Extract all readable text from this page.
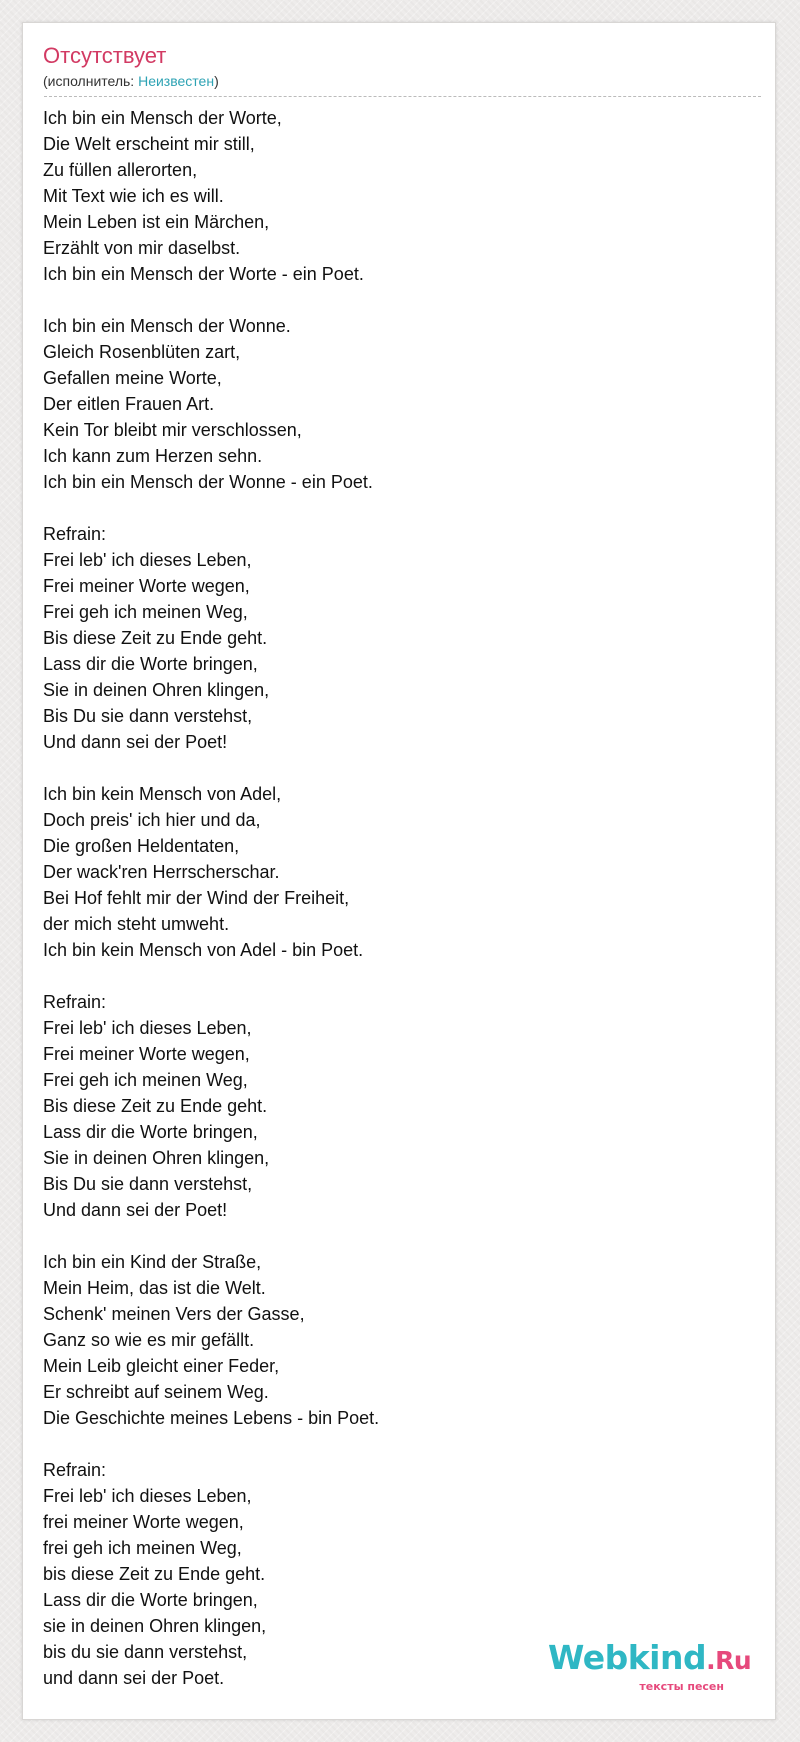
Отсутствует
(исполнитель: Неизвестен)
Ich bin ein Mensch der Worte,
Die Welt erscheint mir still,
Zu füllen allerorten,
Mit Text wie ich es will.
Mein Leben ist ein Märchen,
Erzählt von mir daselbst.
Ich bin ein Mensch der Worte - ein Poet.
Ich bin ein Mensch der Wonne.
Gleich Rosenblüten zart,
Gefallen meine Worte,
Der eitlen Frauen Art.
Kein Tor bleibt mir verschlossen,
Ich kann zum Herzen sehn.
Ich bin ein Mensch der Wonne - ein Poet.
Refrain:
Frei leb' ich dieses Leben,
Frei meiner Worte wegen,
Frei geh ich meinen Weg,
Bis diese Zeit zu Ende geht.
Lass dir die Worte bringen,
Sie in deinen Ohren klingen,
Bis Du sie dann verstehst,
Und dann sei der Poet!
Ich bin kein Mensch von Adel,
Doch preis' ich hier und da,
Die großen Heldentaten,
Der wack'ren Herrscherschar.
Bei Hof fehlt mir der Wind der Freiheit,
der mich steht umweht.
Ich bin kein Mensch von Adel - bin Poet.
Refrain:
Frei leb' ich dieses Leben,
Frei meiner Worte wegen,
Frei geh ich meinen Weg,
Bis diese Zeit zu Ende geht.
Lass dir die Worte bringen,
Sie in deinen Ohren klingen,
Bis Du sie dann verstehst,
Und dann sei der Poet!
Ich bin ein Kind der Straße,
Mein Heim, das ist die Welt.
Schenk' meinen Vers der Gasse,
Ganz so wie es mir gefällt.
Mein Leib gleicht einer Feder,
Er schreibt auf seinem Weg.
Die Geschichte meines Lebens - bin Poet.
Refrain:
Frei leb' ich dieses Leben,
frei meiner Worte wegen,
frei geh ich meinen Weg,
bis diese Zeit zu Ende geht.
Lass dir die Worte bringen,
sie in deinen Ohren klingen,
bis du sie dann verstehst,
und dann sei der Poet.
Webkind.Ru
тексты песен
